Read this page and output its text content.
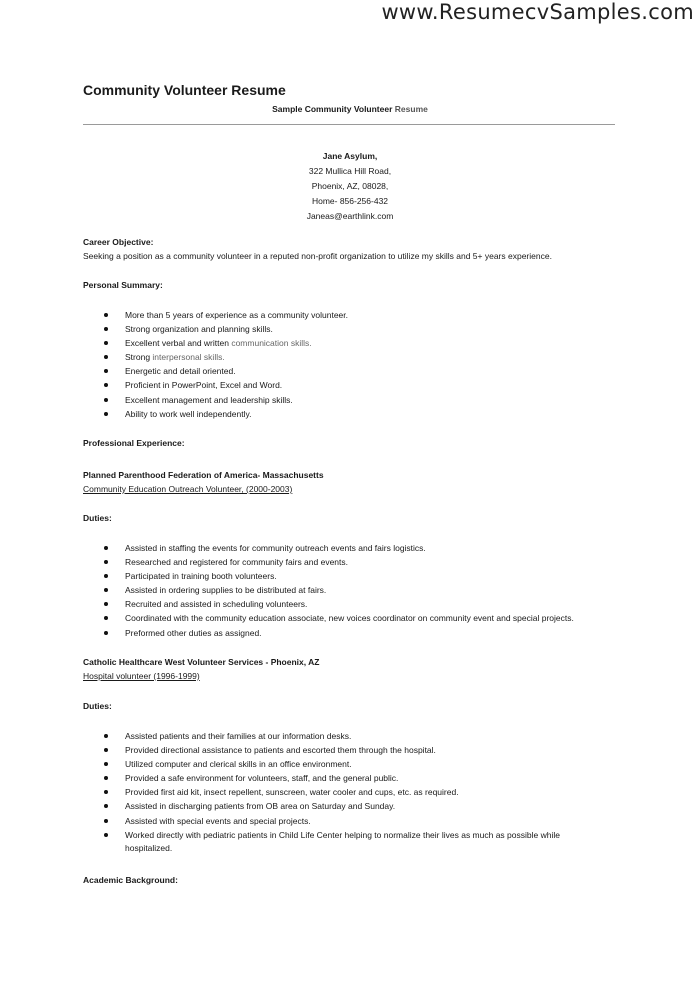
www.ResumecvSamples.com
Community Volunteer Resume
Sample Community Volunteer Resume
Jane Asylum,
322 Mullica Hill Road,
Phoenix, AZ, 08028,
Home- 856-256-432
Janeas@earthlink.com
Career Objective:
Seeking a position as a community volunteer in a reputed non-profit organization to utilize my skills and 5+ years experience.
Personal Summary:
More than 5 years of experience as a community volunteer.
Strong organization and planning skills.
Excellent verbal and written communication skills.
Strong interpersonal skills.
Energetic and detail oriented.
Proficient in PowerPoint, Excel and Word.
Excellent management and leadership skills.
Ability to work well independently.
Professional Experience:
Planned Parenthood Federation of America- Massachusetts
Community Education Outreach Volunteer, (2000-2003)
Duties:
Assisted in staffing the events for community outreach events and fairs logistics.
Researched and registered for community fairs and events.
Participated in training booth volunteers.
Assisted in ordering supplies to be distributed at fairs.
Recruited and assisted in scheduling volunteers.
Coordinated with the community education associate, new voices coordinator on community event and special projects.
Preformed other duties as assigned.
Catholic Healthcare West Volunteer Services - Phoenix, AZ
Hospital volunteer (1996-1999)
Duties:
Assisted patients and their families at our information desks.
Provided directional assistance to patients and escorted them through the hospital.
Utilized computer and clerical skills in an office environment.
Provided a safe environment for volunteers, staff, and the general public.
Provided first aid kit, insect repellent, sunscreen, water cooler and cups, etc. as required.
Assisted in discharging patients from OB area on Saturday and Sunday.
Assisted with special events and special projects.
Worked directly with pediatric patients in Child Life Center helping to normalize their lives as much as possible while
hospitalized.
Academic Background:
